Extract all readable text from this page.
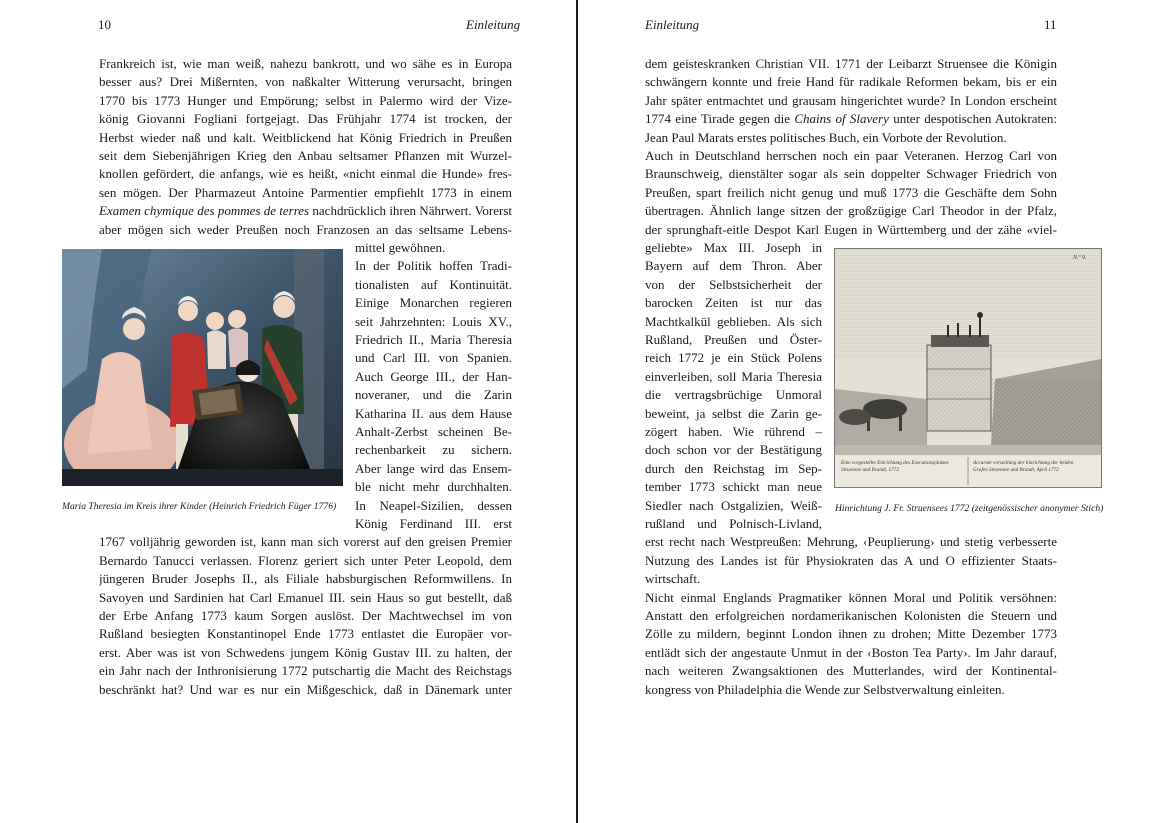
10	Einleitung
Frankreich ist, wie man weiß, nahezu bankrott, und wo sähe es in Europa
besser aus? Drei Mißernten, von naßkalter Witterung verursacht, bringen
1770 bis 1773 Hunger und Empörung; selbst in Palermo wird der Vize-
könig Giovanni Fogliani fortgejagt. Das Frühjahr 1774 ist trocken, der
Herbst wieder naß und kalt. Weitblickend hat König Friedrich in Preußen
seit dem Siebenjährigen Krieg den Anbau seltsamer Pflanzen mit Wurzel-
knollen gefördert, die anfangs, wie es heißt, «nicht einmal die Hunde» fres-
sen mögen. Der Pharmazeut Antoine Parmentier empfiehlt 1773 in einem
Examen chymique des pommes de terres nachdrücklich ihren Nährwert. Vorerst
aber mögen sich weder Preußen noch Franzosen an das seltsame Lebens-
mittel gewöhnen.
In der Politik hoffen Tradi-
tionalisten auf Kontinuität.
Einige Monarchen regieren
seit Jahrzehnten: Louis XV.,
Friedrich II., Maria Theresia
und Carl III. von Spanien.
Auch George III., der Han-
noveraner, und die Zarin
Katharina II. aus dem Hause
Anhalt-Zerbst scheinen Be-
rechenbarkeit zu sichern.
Aber lange wird das Ensem-
ble nicht mehr durchhalten.
In Neapel-Sizilien, dessen
König Ferdinand III. erst
1767 volljährig geworden ist, kann man sich vorerst auf den greisen Premier
Bernardo Tanucci verlassen. Florenz geriert sich unter Peter Leopold, dem
jüngeren Bruder Josephs II., als Filiale habsburgischen Reformwillens. In
Savoyen und Sardinien hat Carl Emanuel III. sein Haus so gut bestellt, daß
der Erbe Anfang 1773 kaum Sorgen auslöst. Der Machtwechsel im von
Rußland besiegten Konstantinopel Ende 1773 entlastet die Europäer vor-
erst. Aber was ist von Schwedens jungem König Gustav III. zu halten, der
ein Jahr nach der Inthronisierung 1772 putschartig die Macht des Reichstags
beschränkt hat? Und war es nur ein Mißgeschick, daß in Dänemark unter
Maria Theresia im Kreis ihrer Kinder (Heinrich Friedrich Füger 1776)
Einleitung	11
dem geisteskranken Christian VII. 1771 der Leibarzt Struensee die Königin
schwängern konnte und freie Hand für radikale Reformen bekam, bis er ein
Jahr später entmachtet und grausam hingerichtet wurde? In London erscheint
1774 eine Tirade gegen die Chains of Slavery unter despotischen Autokraten:
Jean Paul Marats erstes politisches Buch, ein Vorbote der Revolution.
Auch in Deutschland herrschen noch ein paar Veteranen. Herzog Carl von
Braunschweig, dienstälter sogar als sein doppelter Schwager Friedrich von
Preußen, spart freilich nicht genug und muß 1773 die Geschäfte dem Sohn
übertragen. Ähnlich lange sitzen der großzügige Carl Theodor in der Pfalz,
der sprunghaft-eitle Despot Karl Eugen in Württemberg und der zähe «viel-
geliebte» Max III. Joseph in
Bayern auf dem Thron. Aber
von der Selbstsicherheit der
barocken Zeiten ist nur das
Machtkalkül geblieben. Als sich
Rußland, Preußen und Öster-
reich 1772 je ein Stück Polens
einverleiben, soll Maria Theresia
die vertragsbrüchige Unmoral
beweint, ja selbst die Zarin ge-
zögert haben. Wie rührend –
doch schon vor der Bestätigung
durch den Reichstag im Sep-
tember 1773 schickt man neue
Siedler nach Ostgalizien, Weiß-
rußland und Polnisch-Livland,
erst recht nach Westpreußen: Mehrung, ‹Peuplierung› und stetig verbesserte
Nutzung des Landes ist für Physiokraten das A und O effizienter Staats-
wirtschaft.
Nicht einmal Englands Pragmatiker können Moral und Politik versöhnen:
Anstatt den erfolgreichen nordamerikanischen Kolonisten die Steuern und
Zölle zu mildern, beginnt London ihnen zu drohen; Mitte Dezember 1773
entlädt sich der angestaute Unmut in der ‹Boston Tea Party›. Im Jahr darauf,
nach weiteren Zwangsaktionen des Mutterlandes, wird der Kontinental-
kongress von Philadelphia die Wende zur Selbstverwaltung einleiten.
N.º 9.
Eine vorgestellte Einrichtung des Executionsplatzes
Struensee und Brandt, 1772
Accurate vorstellung der hinrichtung der beiden
Grafen Struensee und Brandt, April 1772
Hinrichtung J. Fr. Struensees 1772 (zeitgenössischer anonymer Stich)
